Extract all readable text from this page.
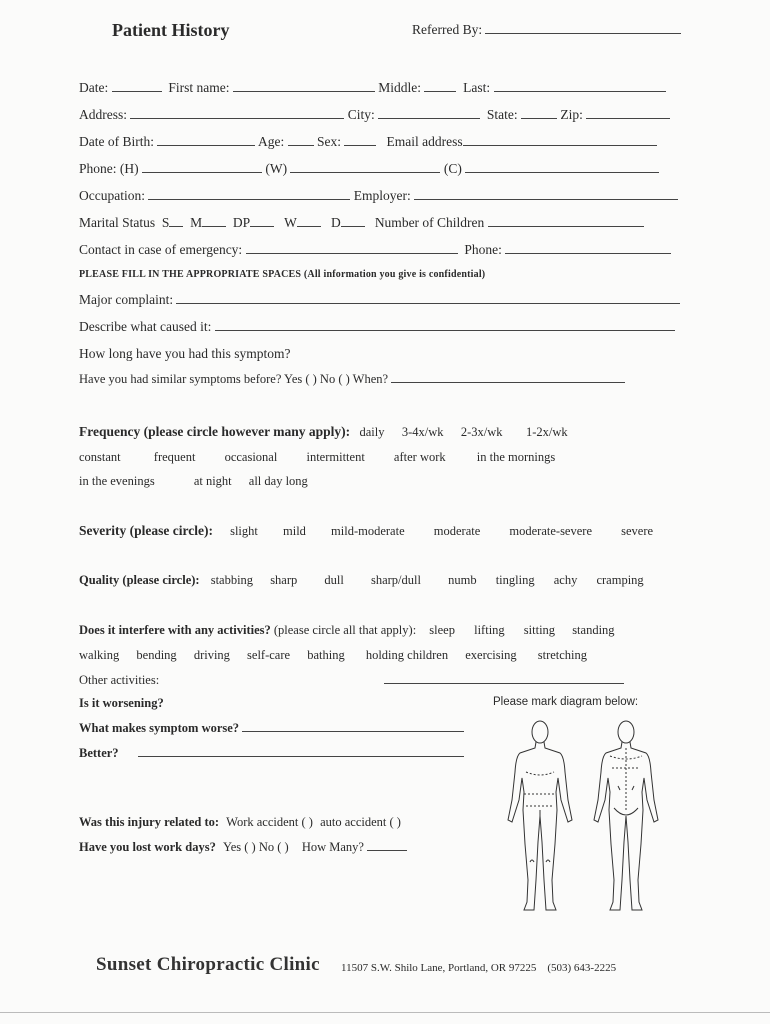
Patient History	Referred By:
Date:	First name:	Middle:	Last:
Address:	City:	State:	Zip:
Date of Birth:	Age: Sex:	Email address
Phone: (H)	(W)	(C)
Occupation:	Employer:
Marital Status S M DP	W	D	Number of Children
Contact in case of emergency:	Phone:
PLEASE FILL IN THE APPROPRIATE SPACES (All information you give is confidential)
Major complaint:
Describe what caused it:
How long have you had this symptom?
Have you had similar symptoms before? Yes ( ) No ( ) When?
Frequency (please circle however many apply): daily 3-4x/wk 2-3x/wk 1-2x/wk
constant	frequent occasional intermittent after work in the mornings
in the evenings	at night all day long
Severity (please circle): slight mild mild-moderate moderate moderate-severe severe
Quality (please circle): stabbing sharp dull sharp/dull numb tingling achy cramping
Does it interfere with any activities? (please circle all that apply): sleep lifting sitting standing
walking bending driving self-care bathing holding children exercising stretching
Other activities:
Is it worsening?
What makes symptom worse?
Better?
Please mark diagram below:
Was this injury related to: Work accident ( ) auto accident ( )
Have you lost work days? Yes ( ) No ( ) How Many?
Sunset Chiropractic Clinic 11507 S.W. Shilo Lane, Portland, OR 97225 (503) 643-2225
